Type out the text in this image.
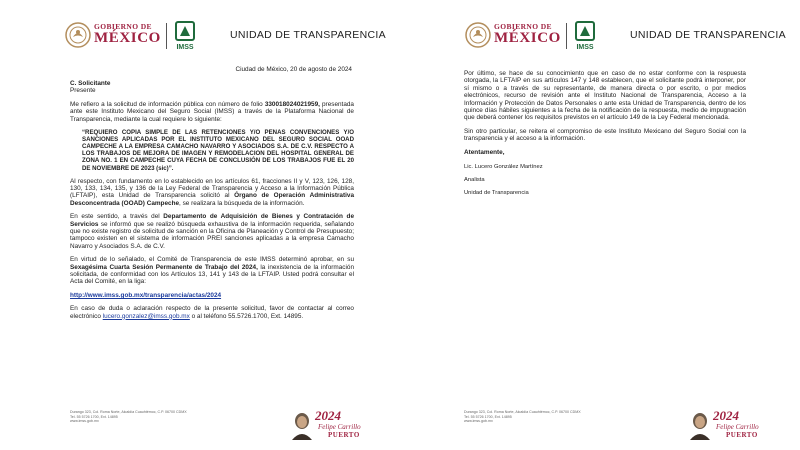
GOBIERNO DE
MÉXICO
IMSS
UNIDAD DE TRANSPARENCIA
Ciudad de México, 20 de agosto de 2024

C. Solicitante
Presente

Me refiero a la solicitud de información pública con número de folio 330018024021959, presentada ante este Instituto Mexicano del Seguro Social (IMSS) a través de la Plataforma Nacional de Transparencia, mediante la cual requiere lo siguiente:

“REQUIERO COPIA SIMPLE DE LAS RETENCIONES Y/O PENAS CONVENCIONES Y/O SANCIONES APLICADAS POR EL INSTITUTO MEXICANO DEL SEGURO SOCIAL OOAD CAMPECHE A LA EMPRESA CAMACHO NAVARRO Y ASOCIADOS S.A. DE C.V. RESPECTO A LOS TRABAJOS DE MEJORA DE IMAGEN Y REMODELACION DEL HOSPITAL GENERAL DE ZONA NO. 1 EN CAMPECHE CUYA FECHA DE CONCLUSIÓN DE LOS TRABAJOS FUE EL 20 DE NOVIEMBRE DE 2023 (sic)”.

Al respecto, con fundamento en lo establecido en los artículos 61, fracciones II y V, 123, 126, 128, 130, 133, 134, 135, y 136 de la Ley Federal de Transparencia y Acceso a la Información Pública (LFTAIP), esta Unidad de Transparencia solicitó al Órgano de Operación Administrativa Desconcentrada (OOAD) Campeche, se realizara la búsqueda de la información.

En este sentido, a través del Departamento de Adquisición de Bienes y Contratación de Servicios se informó que se realizó búsqueda exhaustiva de la información requerida, señalando que no existe registro de solicitud de sanción en la Oficina de Planeación y Control de Presupuesto; tampoco existen en el sistema de información PREI sanciones aplicadas a la empresa Camacho Navarro y Asociados S.A. de C.V.

En virtud de lo señalado, el Comité de Transparencia de este IMSS determinó aprobar, en su Sexagésima Cuarta Sesión Permanente de Trabajo del 2024, la inexistencia de la información solicitada, de conformidad con los Artículos 13, 141 y 143 de la LFTAIP. Usted podrá consultar el Acta del Comité, en la liga:

http://www.imss.gob.mx/transparencia/actas/2024

En caso de duda o aclaración respecto de la presente solicitud, favor de contactar al correo electrónico lucero.gonzalez@imss.gob.mx o al teléfono 55.5726.1700, Ext. 14895.

Durango 323, Col. Roma Norte, Alcaldía Cuauhtémoc, C.P. 06700 CDMX
Tel. 55 5726 1700, Ext. 14895
www.imss.gob.mx	2024
Felipe Carrillo
PUERTO
GOBIERNO DE
MÉXICO
IMSS
UNIDAD DE TRANSPARENCIA

Por último, se hace de su conocimiento que en caso de no estar conforme con la respuesta otorgada, la LFTAIP en sus artículos 147 y 148 establecen, que el solicitante podrá interponer, por sí mismo o a través de su representante, de manera directa o por escrito, o por medios electrónicos, recurso de revisión ante el Instituto Nacional de Transparencia, Acceso a la Información y Protección de Datos Personales o ante esta Unidad de Transparencia, dentro de los quince días hábiles siguientes a la fecha de la notificación de la respuesta, medio de impugnación que deberá contener los requisitos previstos en el artículo 149 de la Ley Federal mencionada.

Sin otro particular, se reitera el compromiso de este Instituto Mexicano del Seguro Social con la transparencia y el acceso a la información.

Atentamente,

Lic. Lucero González Martínez

Analista

Unidad de Transparencia

Durango 323, Col. Roma Norte, Alcaldía Cuauhtémoc, C.P. 06700 CDMX
Tel. 55 5726 1700, Ext. 14895
www.imss.gob.mx	2024
Felipe Carrillo
PUERTO
